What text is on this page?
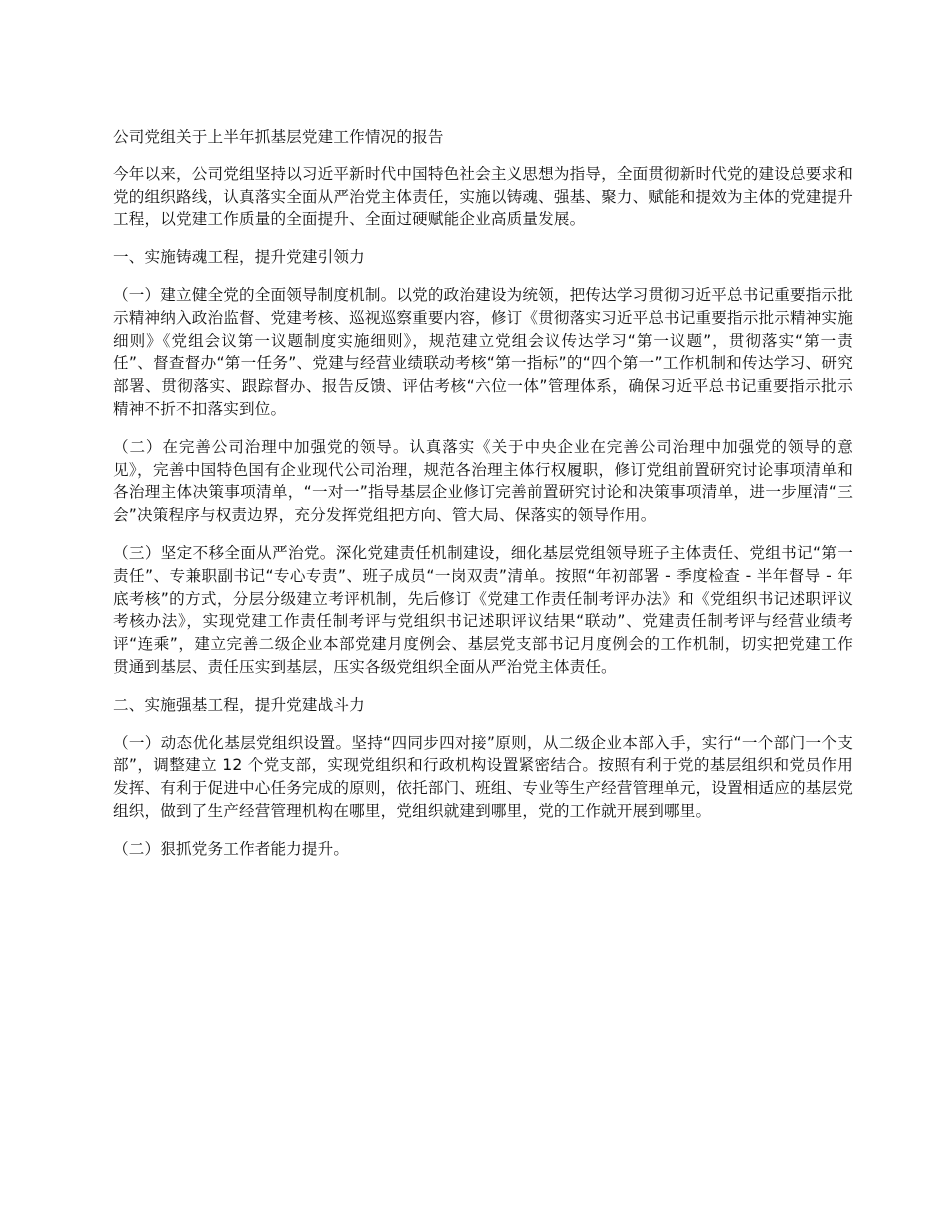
公司党组关于上半年抓基层党建工作情况的报告

今年以来，公司党组坚持以习近平新时代中国特色社会主义思想为指导，全面贯彻新时代党的建设总要求和党的组织路线，认真落实全面从严治党主体责任，实施以铸魂、强基、聚力、赋能和提效为主体的党建提升工程，以党建工作质量的全面提升、全面过硬赋能企业高质量发展。

一、实施铸魂工程，提升党建引领力

（一）建立健全党的全面领导制度机制。以党的政治建设为统领，把传达学习贯彻习近平总书记重要指示批示精神纳入政治监督、党建考核、巡视巡察重要内容，修订《贯彻落实习近平总书记重要指示批示精神实施细则》《党组会议第一议题制度实施细则》，规范建立党组会议传达学习“第一议题”，贯彻落实“第一责任”、督查督办“第一任务”、党建与经营业绩联动考核“第一指标”的“四个第一”工作机制和传达学习、研究部署、贯彻落实、跟踪督办、报告反馈、评估考核“六位一体”管理体系，确保习近平总书记重要指示批示精神不折不扣落实到位。

（二）在完善公司治理中加强党的领导。认真落实《关于中央企业在完善公司治理中加强党的领导的意见》，完善中国特色国有企业现代公司治理，规范各治理主体行权履职，修订党组前置研究讨论事项清单和各治理主体决策事项清单，“一对一”指导基层企业修订完善前置研究讨论和决策事项清单，进一步厘清“三会”决策程序与权责边界，充分发挥党组把方向、管大局、保落实的领导作用。

（三）坚定不移全面从严治党。深化党建责任机制建设，细化基层党组领导班子主体责任、党组书记“第一责任”、专兼职副书记“专心专责”、班子成员“一岗双责”清单。按照“年初部署 - 季度检查 - 半年督导 - 年底考核”的方式，分层分级建立考评机制，先后修订《党建工作责任制考评办法》和《党组织书记述职评议考核办法》，实现党建工作责任制考评与党组织书记述职评议结果“联动”、党建责任制考评与经营业绩考评“连乘”，建立完善二级企业本部党建月度例会、基层党支部书记月度例会的工作机制，切实把党建工作贯通到基层、责任压实到基层，压实各级党组织全面从严治党主体责任。

二、实施强基工程，提升党建战斗力

（一）动态优化基层党组织设置。坚持“四同步四对接”原则，从二级企业本部入手，实行“一个部门一个支部”，调整建立 12 个党支部，实现党组织和行政机构设置紧密结合。按照有利于党的基层组织和党员作用发挥、有利于促进中心任务完成的原则，依托部门、班组、专业等生产经营管理单元，设置相适应的基层党组织，做到了生产经营管理机构在哪里，党组织就建到哪里，党的工作就开展到哪里。

（二）狠抓党务工作者能力提升。
